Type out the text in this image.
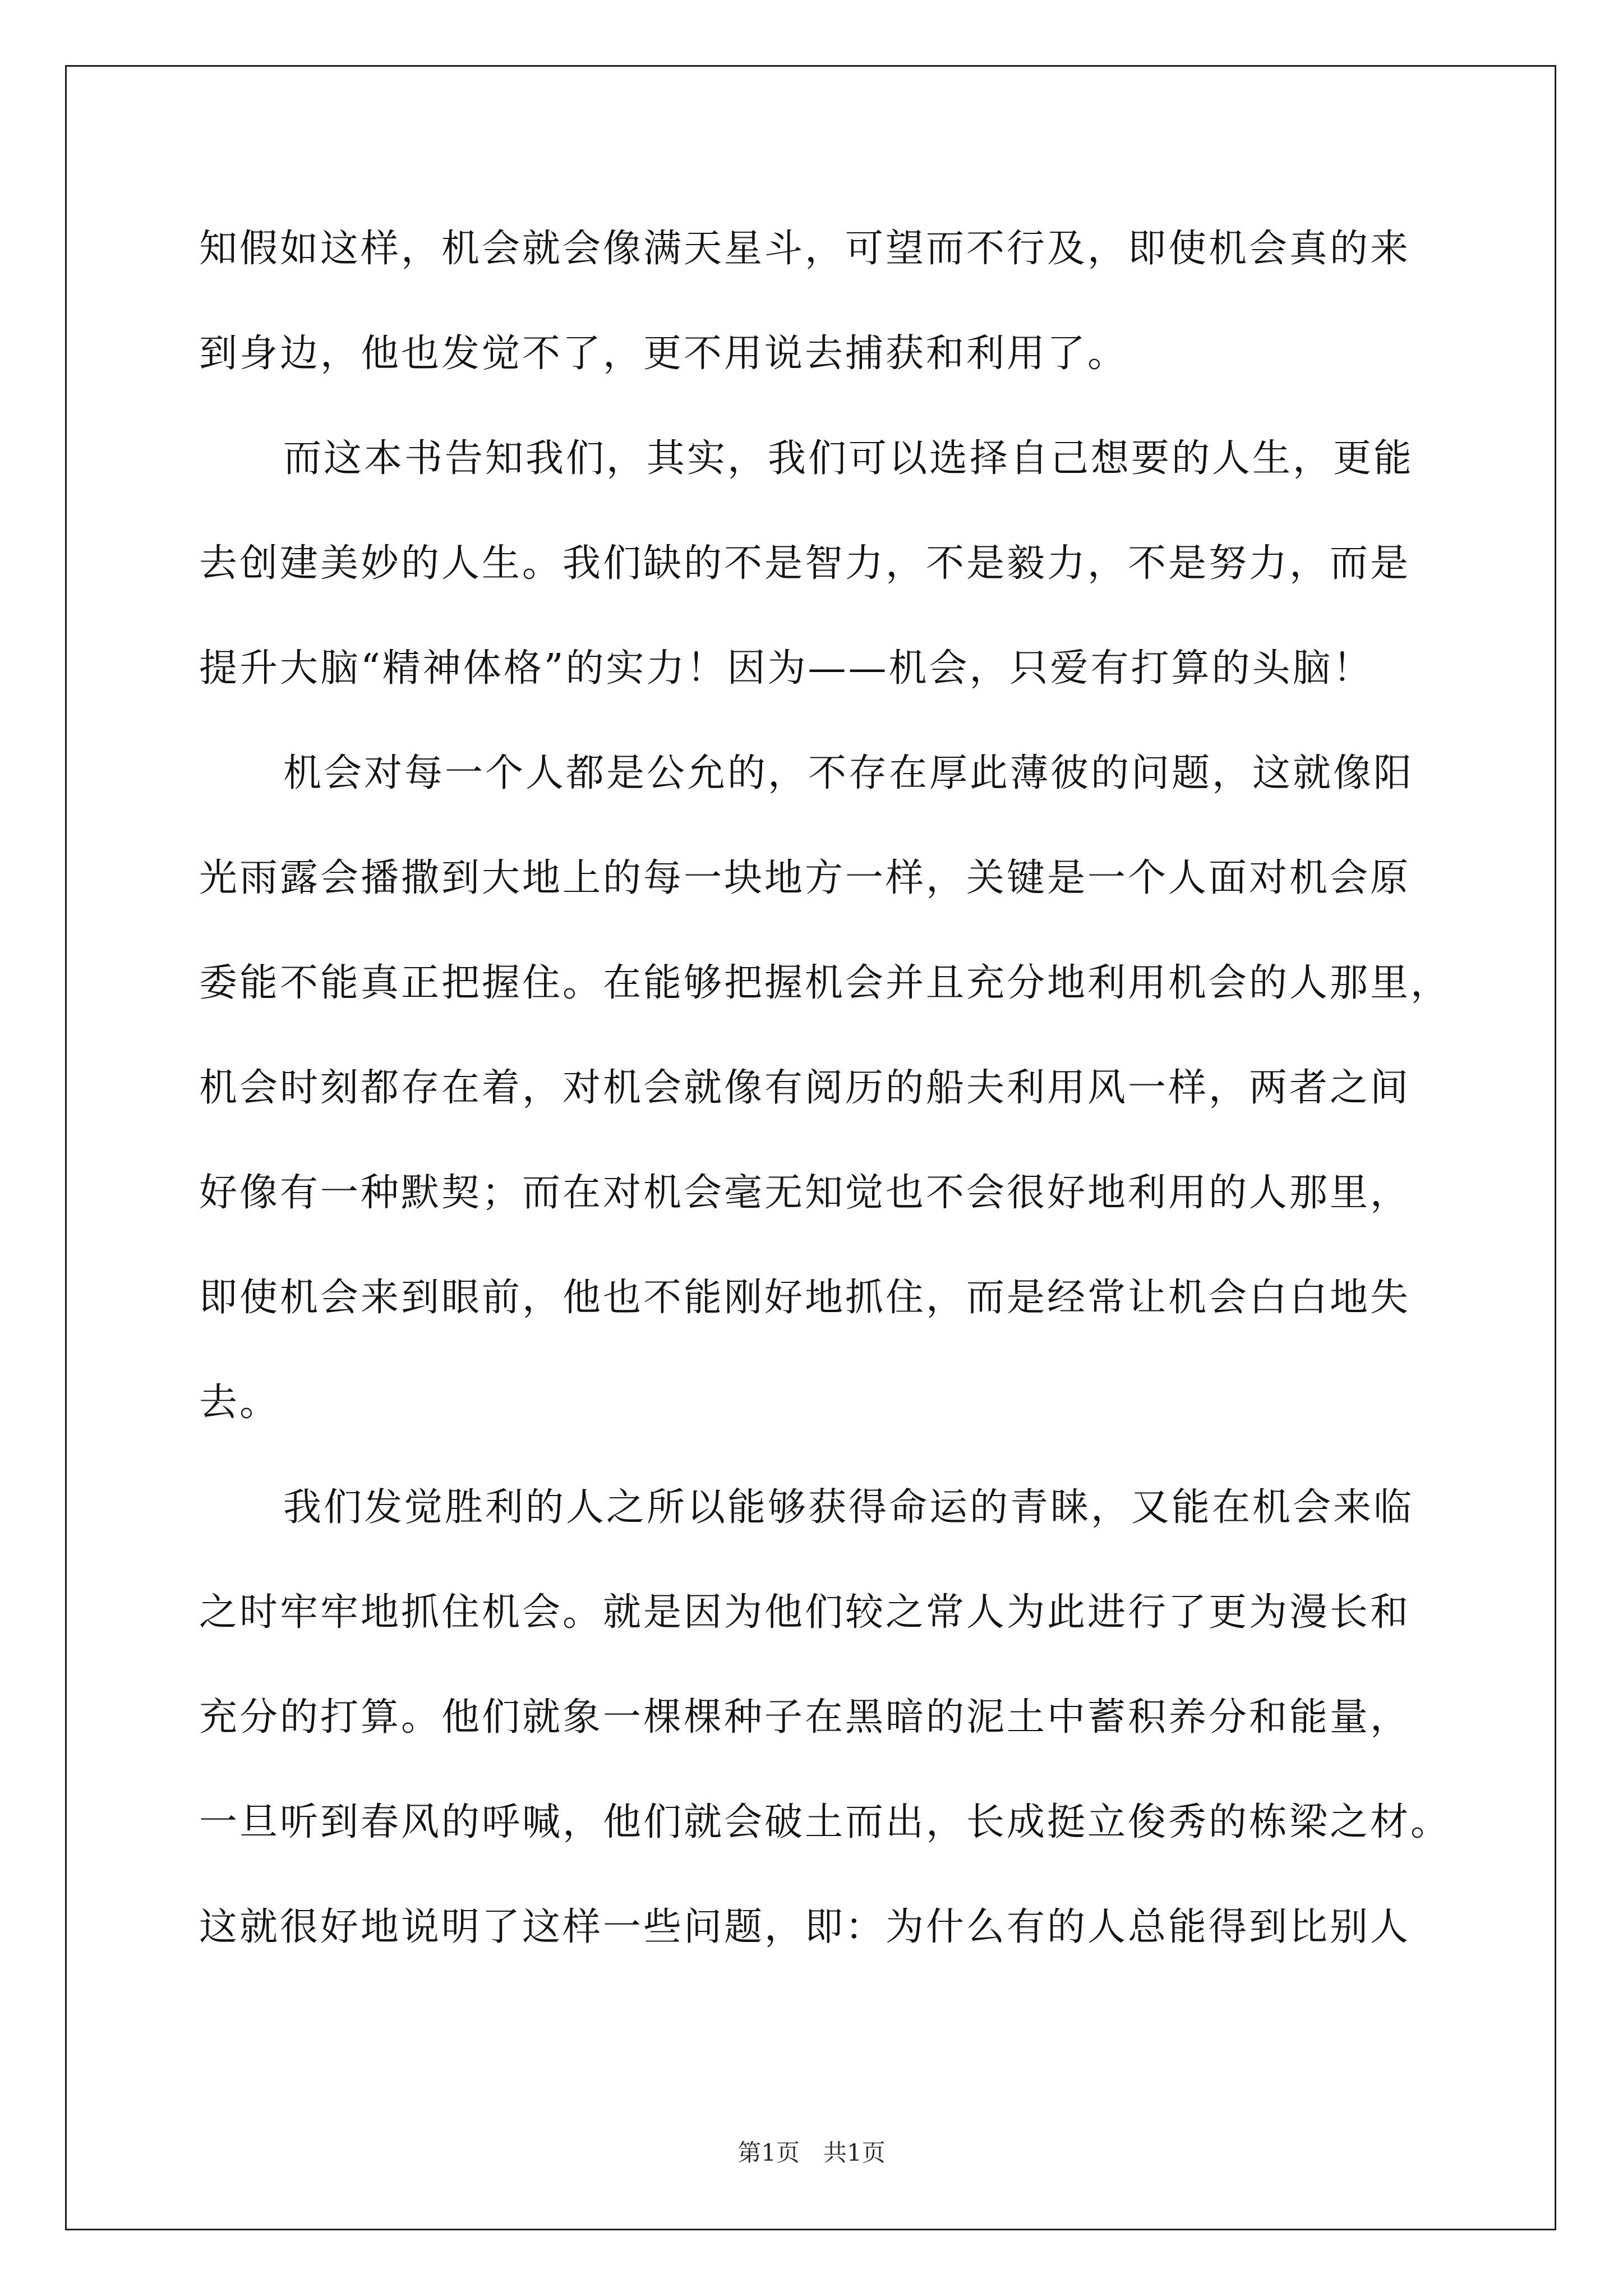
知假如这样，机会就会像满天星斗，可望而不行及，即使机会真的来
到身边，他也发觉不了，更不用说去捕获和利用了。
而这本书告知我们，其实，我们可以选择自己想要的人生，更能
去创建美妙的人生。我们缺的不是智力，不是毅力，不是努力，而是
提升大脑“精神体格”的实力！因为——机会，只爱有打算的头脑！
机会对每一个人都是公允的，不存在厚此薄彼的问题，这就像阳
光雨露会播撒到大地上的每一块地方一样，关键是一个人面对机会原
委能不能真正把握住。在能够把握机会并且充分地利用机会的人那里，
机会时刻都存在着，对机会就像有阅历的船夫利用风一样，两者之间
好像有一种默契；而在对机会毫无知觉也不会很好地利用的人那里，
即使机会来到眼前，他也不能刚好地抓住，而是经常让机会白白地失
去。
我们发觉胜利的人之所以能够获得命运的青睐，又能在机会来临
之时牢牢地抓住机会。就是因为他们较之常人为此进行了更为漫长和
充分的打算。他们就象一棵棵种子在黑暗的泥土中蓄积养分和能量，
一旦听到春风的呼喊，他们就会破土而出，长成挺立俊秀的栋梁之材。
这就很好地说明了这样一些问题，即：为什么有的人总能得到比别人
第1页　共1页
